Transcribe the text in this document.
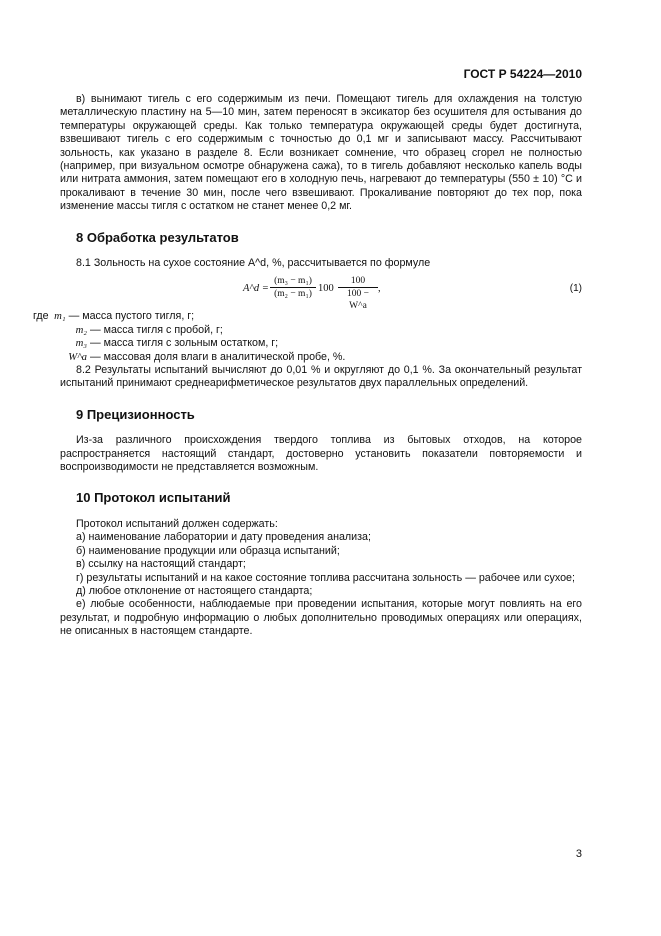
ГОСТ Р 54224—2010

в) вынимают тигель с его содержимым из печи. Помещают тигель для охлаждения на толстую металлическую пластину на 5—10 мин, затем переносят в эксикатор без осушителя для остывания до температуры окружающей среды. Как только температура окружающей среды будет достигнута, взвешивают тигель с его содержимым с точностью до 0,1 мг и записывают массу. Рассчитывают зольность, как указано в разделе 8. Если возникает сомнение, что образец сгорел не полностью (например, при визуальном осмотре обнаружена сажа), то в тигель добавляют несколько капель воды или нитрата аммония, затем помещают его в холодную печь, нагревают до температуры (550 ± 10) °С и прокаливают в течение 30 мин, после чего взвешивают. Прокаливание повторяют до тех пор, пока изменение массы тигля с остатком не станет менее 0,2 мг.

8 Обработка результатов

8.1 Зольность на сухое состояние A^d, %, рассчитывается по формуле

A^d = $\frac{\text{(m₃ − m₁)}}{\text{(m₂ − m₁)}} 100 \frac{100}{100 - W\^{}a}$ ,	(1)
где m₁ — масса пустого тигля, г;
m₂ — масса тигля с пробой, г;
m₃ — масса тигля с зольным остатком, г;
W^a — массовая доля влаги в аналитической пробе, %.

8.2 Результаты испытаний вычисляют до 0,01 % и округляют до 0,1 %. За окончательный результат испытаний принимают среднеарифметическое результатов двух параллельных определений.

9 Прецизионность

Из-за различного происхождения твердого топлива из бытовых отходов, на которое распространяется настоящий стандарт, достоверно установить показатели повторяемости и воспроизводимости не представляется возможным.

10 Протокол испытаний

Протокол испытаний должен содержать:

а) наименование лаборатории и дату проведения анализа;

б) наименование продукции или образца испытаний;

в) ссылку на настоящий стандарт;

г) результаты испытаний и на какое состояние топлива рассчитана зольность — рабочее или сухое;

д) любое отклонение от настоящего стандарта;

е) любые особенности, наблюдаемые при проведении испытания, которые могут повлиять на его результат, и подробную информацию о любых дополнительно проводимых операциях или операциях, не описанных в настоящем стандарте.

3
